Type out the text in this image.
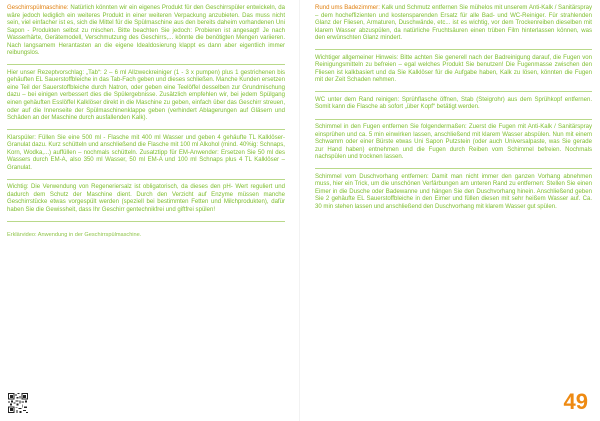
Geschirrspülmaschine: Natürlich könnten wir ein eigenes Produkt für den Geschirrspüler entwickeln, da wäre jedoch lediglich ein weiteres Produkt in einer weiteren Verpackung anzubieten. Das muss nicht sein, viel einfacher ist es, sich die Mittel für die Spülmaschine aus den bereits daheim vorhandenen Uni Sapon - Produkten selbst zu mischen. Bitte beachten Sie jedoch: Probieren ist angesagt! Je nach Wasserhärte, Gerätemodell, Verschmutzung des Geschirrs,... könnte die benötigten Mengen variieren. Nach langsamem Herantasten an die eigene Idealdosierung klappt es dann aber eigentlich immer reibungslos.

Hier unser Rezeptvorschlag: „Tab“: 2 – 6 ml Allzweckreiniger (1 - 3 x pumpen) plus 1 gestrichenen bis gehäuften EL Sauerstoffbleiche in das Tab-Fach geben und dieses schließen. Manche Kunden ersetzen eine Teil der Sauerstoffbleiche durch Natron, oder geben eine Teelöffel desselben zur Grundmischung dazu – bei einigen verbessert dies die Spülergebnisse. Zusätzlich empfehlen wir, bei jedem Spülgang einen gehäuften Esslöffel Kalklöser direkt in die Maschine zu geben, einfach über das Geschirr streuen, oder auf die Innenseite der Spülmaschinenklappe geben (verhindert Ablagerungen auf Gläsern und Schäden an der Maschine durch ausfallenden Kalk).

Klarspüler: Füllen Sie eine 500 ml - Flasche mit 400 ml Wasser und geben 4 gehäufte TL Kalklöser- Granulat dazu. Kurz schütteln und anschließend die Flasche mit 100 ml Alkohol (mind. 40%ig: Schnaps, Korn, Wodka,...) auffüllen – nochmals schütteln. Zusatztipp für EM-Anwender: Ersetzen Sie 50 ml des Wassers durch EM-A, also 350 ml Wasser, 50 ml EM-A und 100 ml Schnaps plus 4 TL Kalklöser – Granulat.

Wichtig: Die Verwendung von Regeneriersalz ist obligatorisch, da dieses den pH- Wert reguliert und dadurch dem Schutz der Maschine dient. Durch den Verzicht auf Enzyme müssen manche Geschirrstücke etwas vorgespült werden (speziell bei bestimmten Fetten und Milchprodukten), dafür haben Sie die Gewissheit, dass Ihr Geschirr gentechnikfrei und giftfrei spülen!

Erklärvideo: Anwendung in der Geschirrspülmaschine.

Rund ums Badezimmer: Kalk und Schmutz entfernen Sie mühelos mit unserem Anti-Kalk / Sanitärspray – dem hocheffizienten und kostensparenden Ersatz für alle Bad- und WC-Reiniger. Für strahlenden Glanz der Fliesen, Armaturen, Duschwände, etc... ist es wichtig, vor dem Trockenreiben dieselben mit klarem Wasser abzuspülen, da natürliche Fruchtsäuren einen trüben Film hinterlassen können, was den erwünschten Glanz mindert.

Wichtiger allgemeiner Hinweis: Bitte achten Sie generell nach der Badreinigung darauf, die Fugen von Reinigungsmitteln zu befreien – egal welches Produkt Sie benutzen! Die Fugenmasse zwischen den Fliesen ist kalkbasiert und da Sie Kalklöser für die Aufgabe haben, Kalk zu lösen, könnten die Fugen mit der Zeit Schaden nehmen.

WC unter dem Rand reinigen: Sprühflasche öffnen, Stab (Steigrohr) aus dem Sprühkopf entfernen. Somit kann die Flasche ab sofort „über Kopf“ betätigt werden.

Schimmel in den Fugen entfernen Sie folgendermaßen: Zuerst die Fugen mit Anti-Kalk / Sanitärspray einsprühen und ca. 5 min einwirken lassen, anschließend mit klarem Wasser abspülen. Nun mit einem Schwamm oder einer Bürste etwas Uni Sapon Putzstein (oder auch Universalpaste, was Sie gerade zur Hand haben) entnehmen und die Fugen durch Reiben vom Schimmel befreien. Nochmals nachspülen und trocknen lassen.

Schimmel vom Duschvorhang entfernen: Damit man nicht immer den ganzen Vorhang abnehmen muss, hier ein Trick, um die unschönen Verfärbungen am unteren Rand zu entfernen: Stellen Sie einen Eimer in die Dusche oder Badewanne und hängen Sie den Duschvorhang hinein. Anschließend geben Sie 2 gehäufte EL Sauerstoffbleiche in den Eimer und füllen diesen mit sehr heißem Wasser auf. Ca. 30 min stehen lassen und anschließend den Duschvorhang mit klarem Wasser gut spülen.

49
